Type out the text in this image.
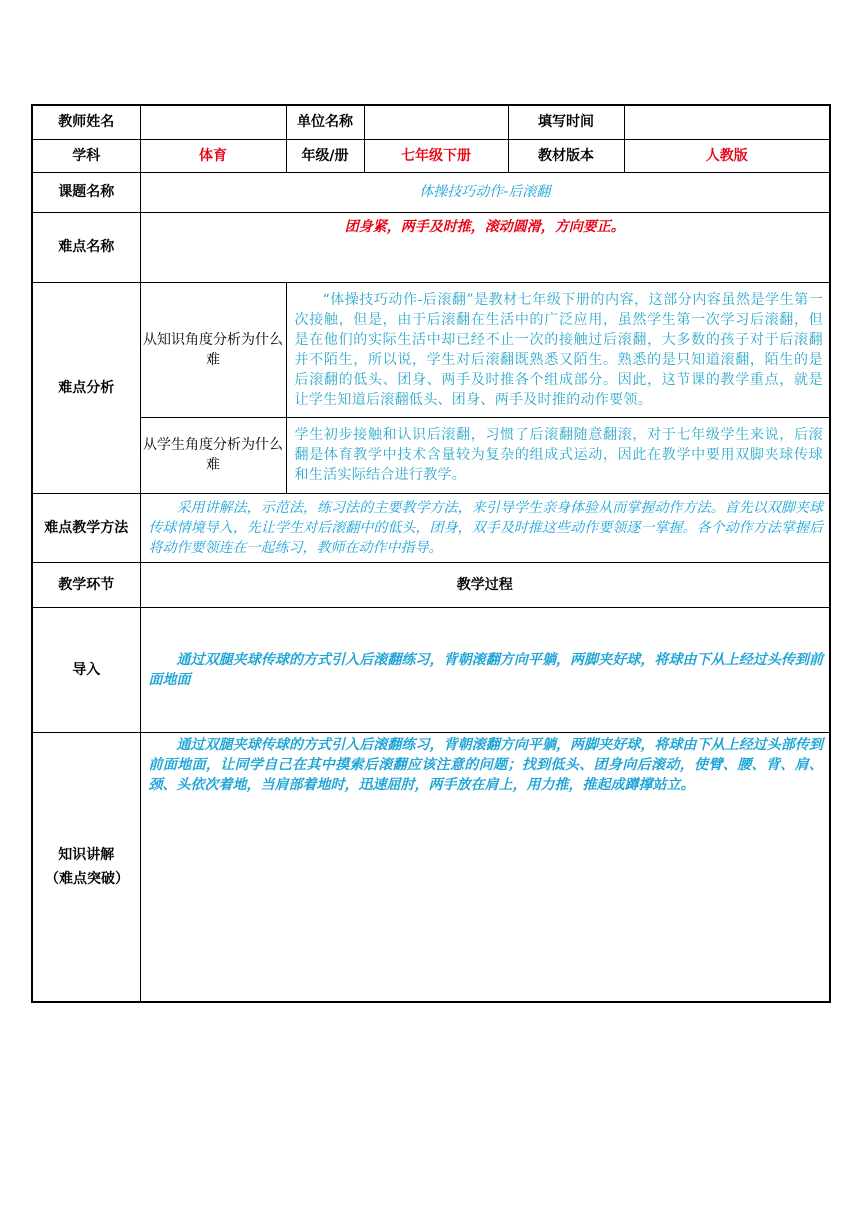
教师姓名		单位名称		填写时间	
学科	体育	年级/册	七年级下册	教材版本	人教版
课题名称	体操技巧动作-后滚翻				
难点名称	团身紧，两手及时推，滚动圆滑，方向要正。				
难点分析	从知识角度分析为什么难	“体操技巧动作-后滚翻”是教材七年级下册的内容，这部分内容虽然是学生第一次接触，但是，由于后滚翻在生活中的广泛应用，虽然学生第一次学习后滚翻，但是在他们的实际生活中却已经不止一次的接触过后滚翻，大多数的孩子对于后滚翻并不陌生，所以说，学生对后滚翻既熟悉又陌生。熟悉的是只知道滚翻，陌生的是后滚翻的低头、团身、两手及时推各个组成部分。因此，这节课的教学重点，就是让学生知道后滚翻低头、团身、两手及时推的动作要领。			
	从学生角度分析为什么难	学生初步接触和认识后滚翻，习惯了后滚翻随意翻滚，对于七年级学生来说，后滚翻是体育教学中技术含量较为复杂的组成式运动，因此在教学中要用双脚夹球传球和生活实际结合进行教学。			
难点教学方法	采用讲解法，示范法，练习法的主要教学方法，来引导学生亲身体验从而掌握动作方法。首先以双脚夹球传球情境导入，先让学生对后滚翻中的低头，团身，双手及时推这些动作要领逐一掌握。各个动作方法掌握后将动作要领连在一起练习，教师在动作中指导。				
教学环节	教学过程				
导入	通过双腿夹球传球的方式引入后滚翻练习，背朝滚翻方向平躺，两脚夹好球，将球由下从上经过头传到前面地面				
知识讲解（难点突破）	通过双腿夹球传球的方式引入后滚翻练习，背朝滚翻方向平躺，两脚夹好球，将球由下从上经过头部传到前面地面，让同学自己在其中摸索后滚翻应该注意的问题；找到低头、团身向后滚动，使臂、腰、背、肩、颈、头依次着地，当肩部着地时，迅速屈肘，两手放在肩上，用力推，推起成蹲撑站立。				
